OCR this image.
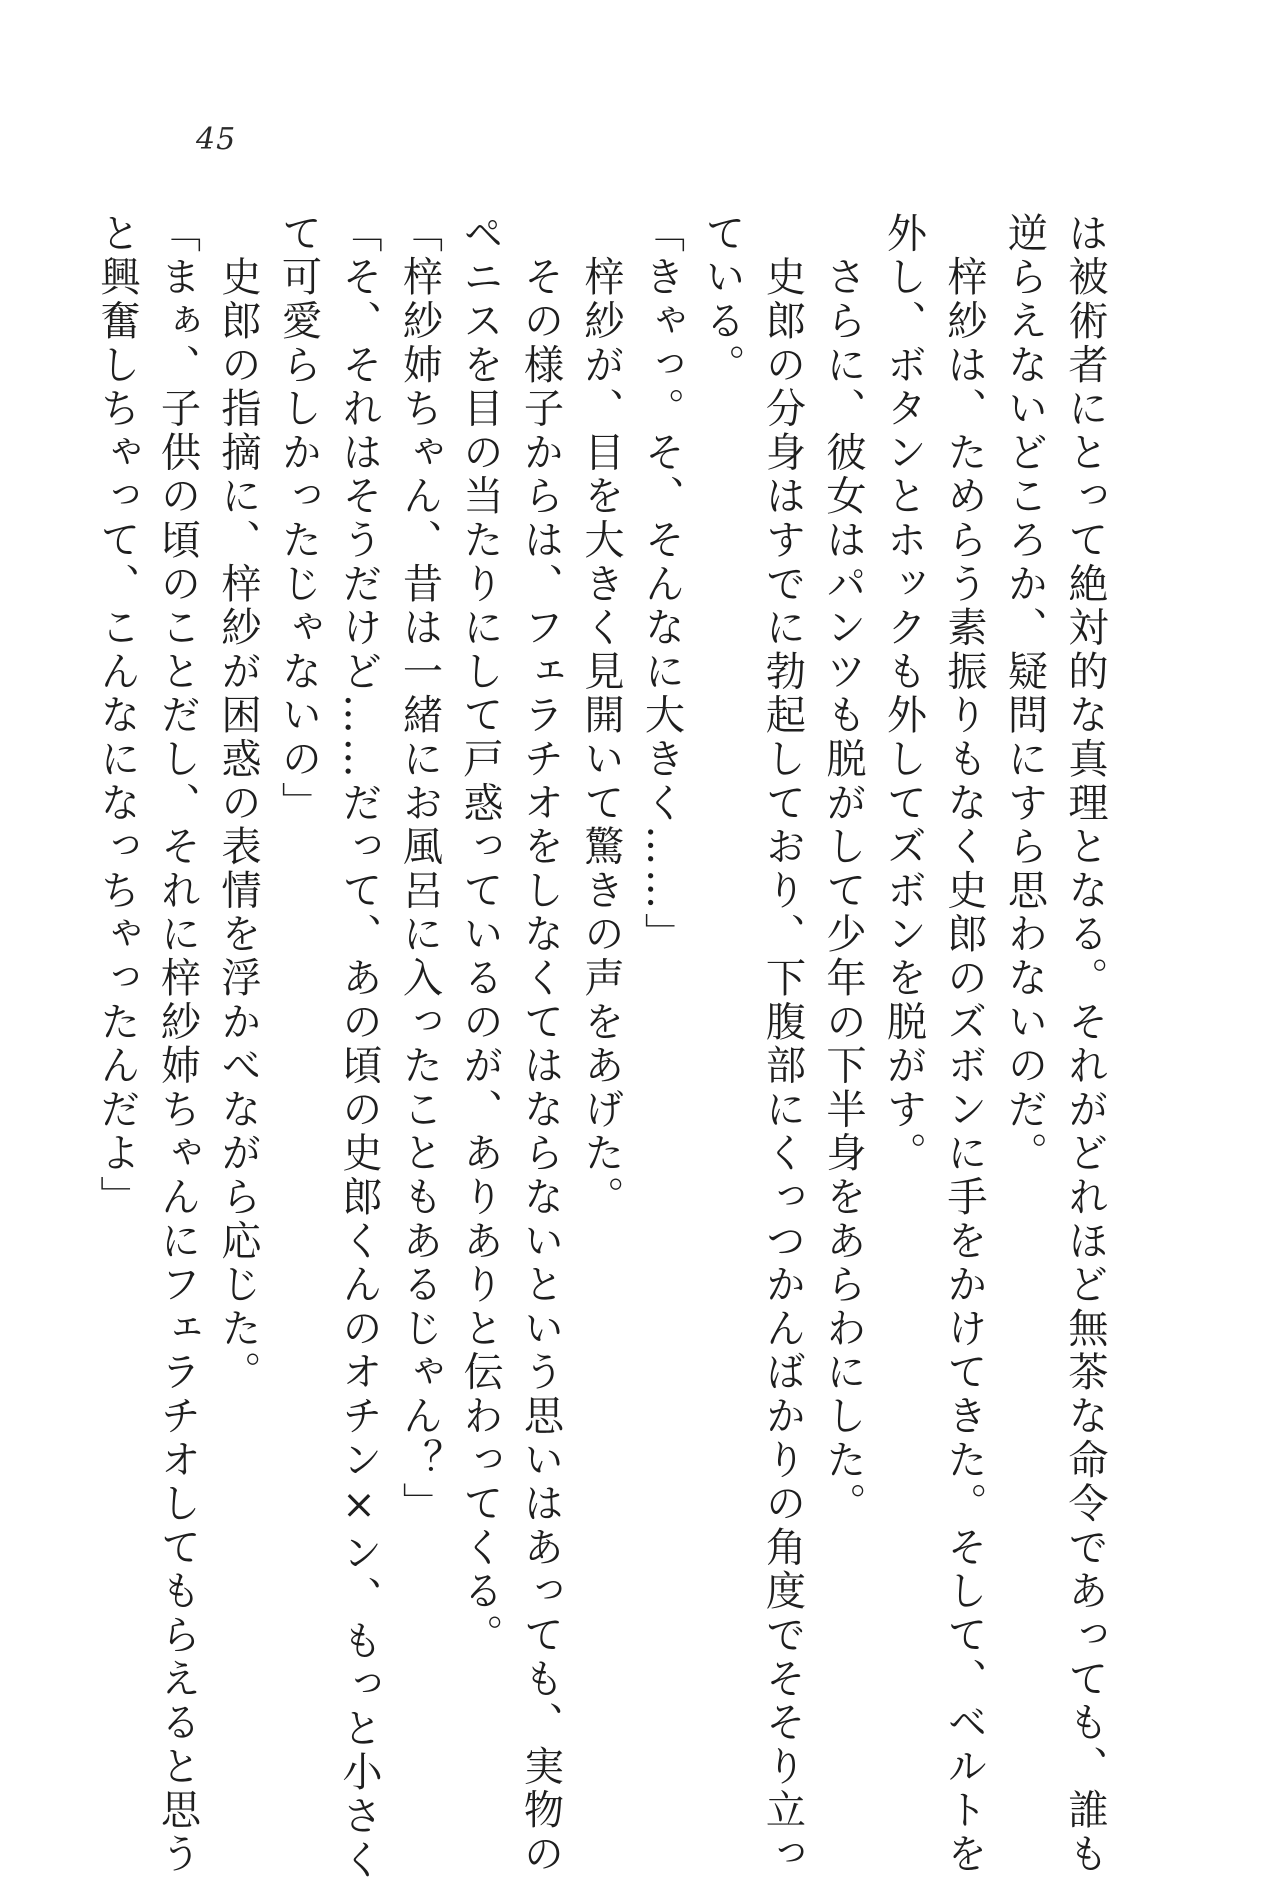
45
は被術者にとって絶対的な真理となる。それがどれほど無茶な命令であっても、誰も
逆らえないどころか、疑問にすら思わないのだ。
　梓紗は、ためらう素振りもなく史郎のズボンに手をかけてきた。そして、ベルトを
外し、ボタンとホックも外してズボンを脱がす。
　さらに、彼女はパンツも脱がして少年の下半身をあらわにした。
　史郎の分身はすでに勃起しており、下腹部にくっつかんばかりの角度でそそり立っ
ている。
「きゃっ。そ、そんなに大きく……」
　梓紗が、目を大きく見開いて驚きの声をあげた。
　その様子からは、フェラチオをしなくてはならないという思いはあっても、実物の
ペニスを目の当たりにして戸惑っているのが、ありありと伝わってくる。
「梓紗姉ちゃん、昔は一緒にお風呂に入ったこともあるじゃん？」
「そ、それはそうだけど……だって、あの頃の史郎くんのオチン×ン、もっと小さく
て可愛らしかったじゃないの」
　史郎の指摘に、梓紗が困惑の表情を浮かべながら応じた。
「まぁ、子供の頃のことだし、それに梓紗姉ちゃんにフェラチオしてもらえると思う
と興奮しちゃって、こんなになっちゃったんだよ」
